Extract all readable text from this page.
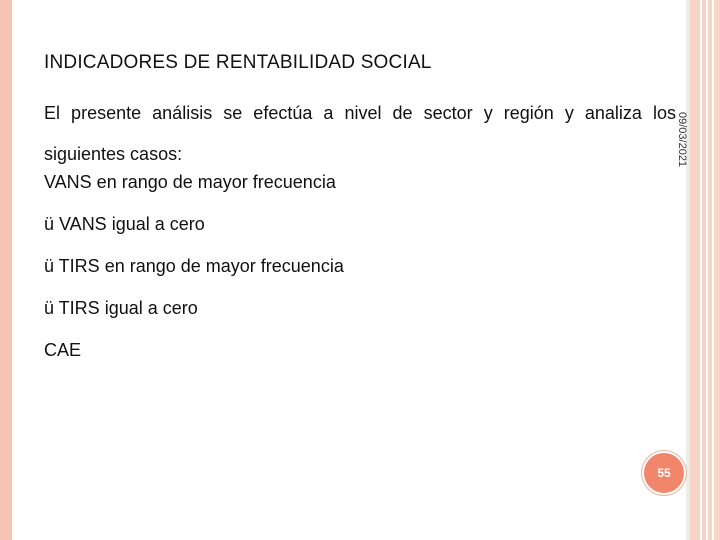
INDICADORES DE RENTABILIDAD SOCIAL
El presente análisis se efectúa a nivel de sector y región y analiza los siguientes casos:
VANS en rango de mayor frecuencia
ü VANS igual a cero
ü TIRS en rango de mayor frecuencia
ü TIRS igual a cero
CAE
09/03/2021
55
